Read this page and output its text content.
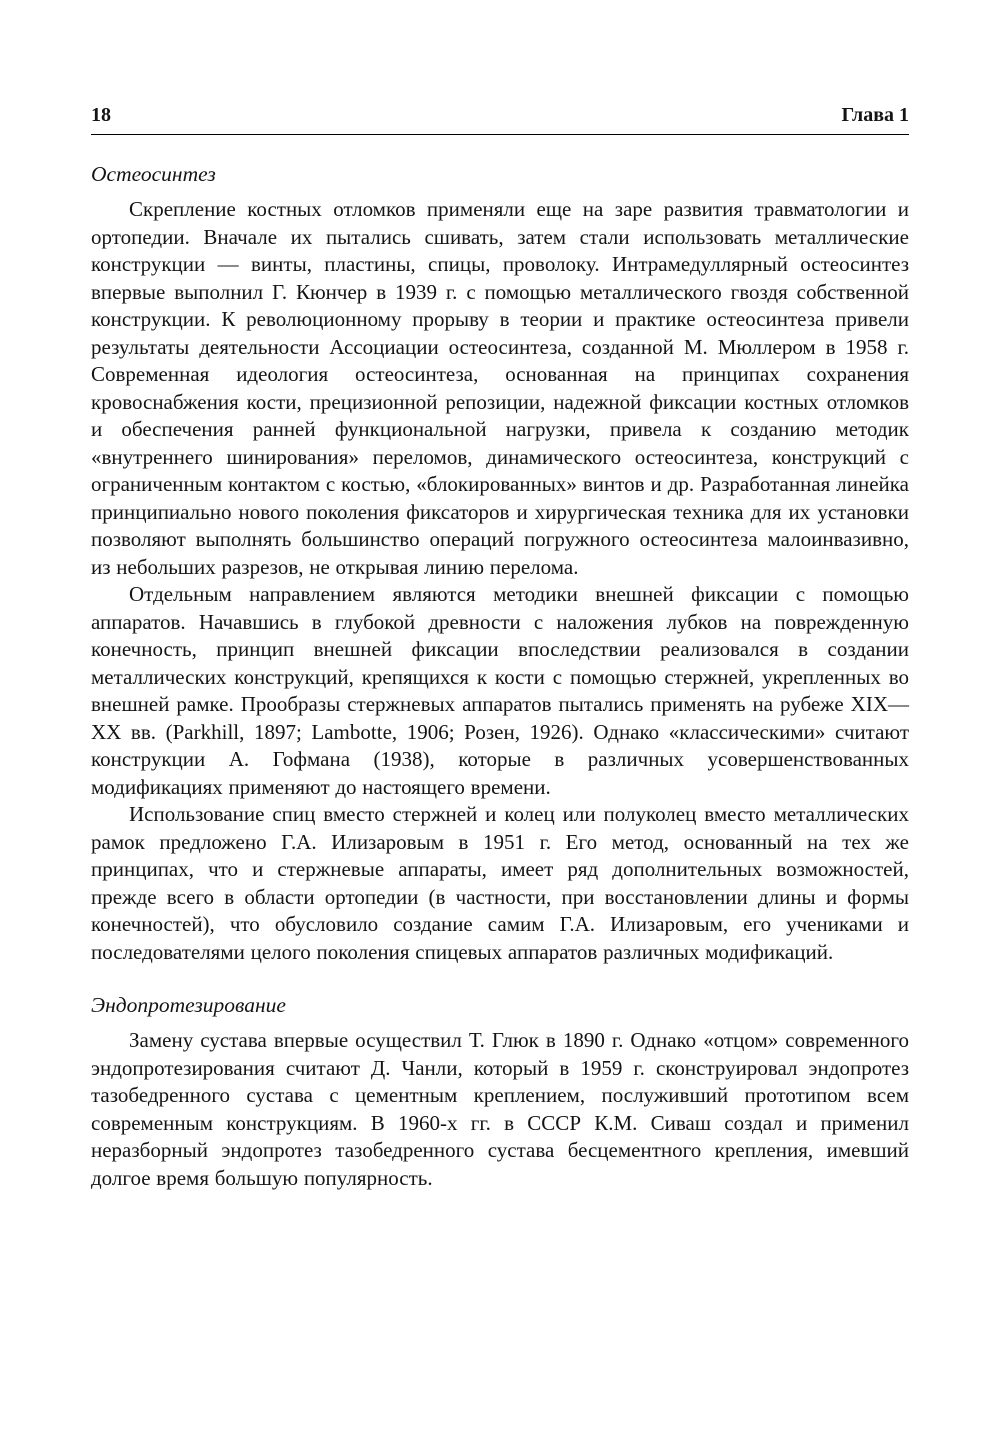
18	Глава 1
Остеосинтез

Скрепление костных отломков применяли еще на заре развития травматологии и ортопедии. Вначале их пытались сшивать, затем стали использовать металлические конструкции — винты, пластины, спицы, проволоку. Интрамедуллярный остеосинтез впервые выполнил Г. Кюнчер в 1939 г. с помощью металлического гвоздя собственной конструкции. К революционному прорыву в теории и практике остеосинтеза привели результаты деятельности Ассоциации остеосинтеза, созданной М. Мюллером в 1958 г. Современная идеология остеосинтеза, основанная на принципах сохранения кровоснабжения кости, прецизионной репозиции, надежной фиксации костных отломков и обеспечения ранней функциональной нагрузки, привела к созданию методик «внутреннего шинирования» переломов, динамического остеосинтеза, конструкций с ограниченным контактом с костью, «блокированных» винтов и др. Разработанная линейка принципиально нового поколения фиксаторов и хирургическая техника для их установки позволяют выполнять большинство операций погружного остеосинтеза малоинвазивно, из небольших разрезов, не открывая линию перелома.

Отдельным направлением являются методики внешней фиксации с помощью аппаратов. Начавшись в глубокой древности с наложения лубков на поврежденную конечность, принцип внешней фиксации впоследствии реализовался в создании металлических конструкций, крепящихся к кости с помощью стержней, укрепленных во внешней рамке. Прообразы стержневых аппаратов пытались применять на рубеже XIX—XX вв. (Parkhill, 1897; Lambotte, 1906; Розен, 1926). Однако «классическими» считают конструкции А. Гофмана (1938), которые в различных усовершенствованных модификациях применяют до настоящего времени.

Использование спиц вместо стержней и колец или полуколец вместо металлических рамок предложено Г.А. Илизаровым в 1951 г. Его метод, основанный на тех же принципах, что и стержневые аппараты, имеет ряд дополнительных возможностей, прежде всего в области ортопедии (в частности, при восстановлении длины и формы конечностей), что обусловило создание самим Г.А. Илизаровым, его учениками и последователями целого поколения спицевых аппаратов различных модификаций.

Эндопротезирование

Замену сустава впервые осуществил Т. Глюк в 1890 г. Однако «отцом» современного эндопротезирования считают Д. Чанли, который в 1959 г. сконструировал эндопротез тазобедренного сустава с цементным креплением, послуживший прототипом всем современным конструкциям. В 1960-х гг. в СССР К.М. Сиваш создал и применил неразборный эндопротез тазобедренного сустава бесцементного крепления, имевший долгое время большую популярность.
